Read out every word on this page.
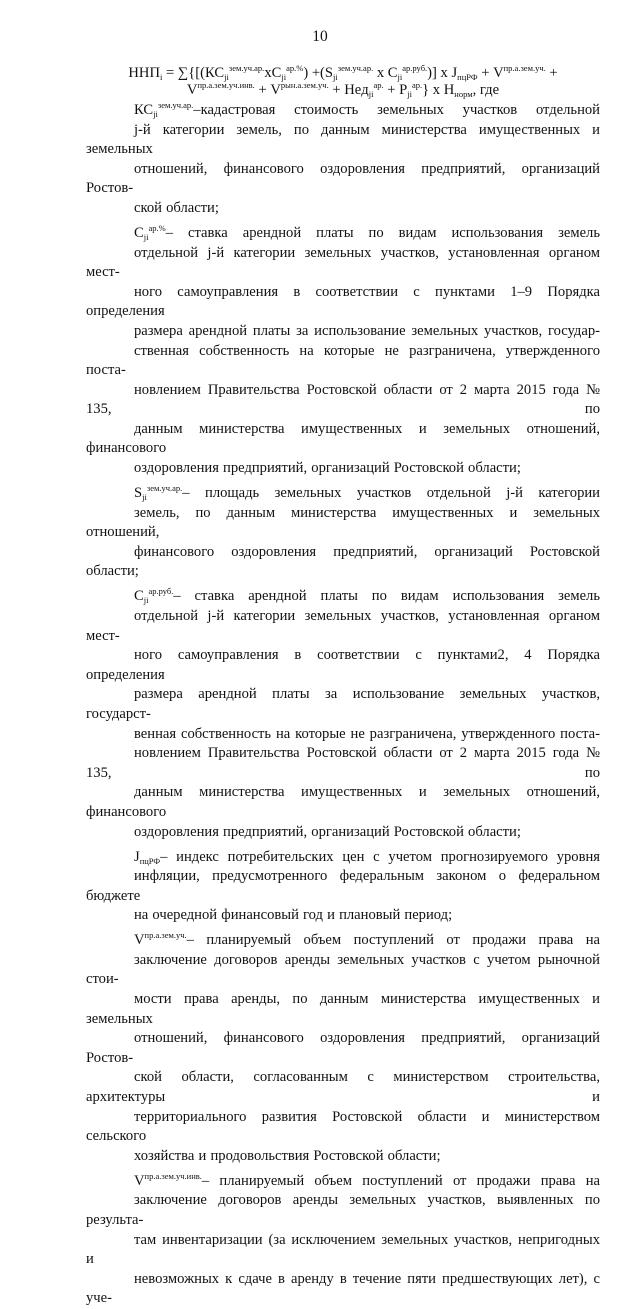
10
$ННП_i = \sum\{[(КС_{ji}^{зем.уч.ар.}хC_{ji}^{ар.\%}) +(S_{ji}^{зем.уч.ар.}$ х $C_{ji}^{ар.руб.}$)] х $J_{пцРФ} + V^{пр.а.зем.уч.}$ +
$V^{пр.а.зем.уч.инв.} + V^{рын.а.зем.уч.} + Нeд_{ji}^{ар.} + P_{ji}^{ар.}$} х $H_{норм}$, где
$КС_{ji}^{зем.уч.ар.}$–кадастровая стоимость земельных участков отдельной
j-й категории земель, по данным министерства имущественных и земельных
отношений, финансового оздоровления предприятий, организаций Ростов-
ской области;
$C_{ji}^{ар.\%}-$ ставка арендной платы по видам использования земель
отдельной j-й категории земельных участков, установленная органом мест-
ного самоуправления в соответствии с пунктами 1–9 Порядка определения
размера арендной платы за использование земельных участков, государ-
ственная собственность на которые не разграничена, утвержденного поста-
новлением Правительства Ростовской области от 2 марта 2015 года № 135, по
данным министерства имущественных и земельных отношений, финансового
оздоровления предприятий, организаций Ростовской области;
$S_{ji}^{зем.уч.ар.}-$ площадь земельных участков отдельной j-й категории
земель, по данным министерства имущественных и земельных отношений,
финансового оздоровления предприятий, организаций Ростовской области;
$C_{ji}^{ар.руб.}-$ ставка арендной платы по видам использования земель
отдельной j-й категории земельных участков, установленная органом мест-
ного самоуправления в соответствии с пунктами2, 4 Порядка определения
размера арендной платы за использование земельных участков, государст-
венная собственность на которые не разграничена, утвержденного поста-
новлением Правительства Ростовской области от 2 марта 2015 года № 135, по
данным министерства имущественных и земельных отношений, финансового
оздоровления предприятий, организаций Ростовской области;
$J_{пцРФ}-$ индекс потребительских цен с учетом прогнозируемого уровня
инфляции, предусмотренного федеральным законом о федеральном бюджете
на очередной финансовый год и плановый период;
$V^{пр.а.зем.уч.}-$ планируемый объем поступлений от продажи права на
заключение договоров аренды земельных участков с учетом рыночной стои-
мости права аренды, по данным министерства имущественных и земельных
отношений, финансового оздоровления предприятий, организаций Ростов-
ской области, согласованным с министерством строительства, архитектуры и
территориального развития Ростовской области и министерством сельского
хозяйства и продовольствия Ростовской области;
$V^{пр.а.зем.уч.инв.}-$ планируемый объем поступлений от продажи права на
заключение договоров аренды земельных участков, выявленных по результа-
там инвентаризации (за исключением земельных участков, непригодных и
невозможных к сдаче в аренду в течение пяти предшествующих лет), с уче-
